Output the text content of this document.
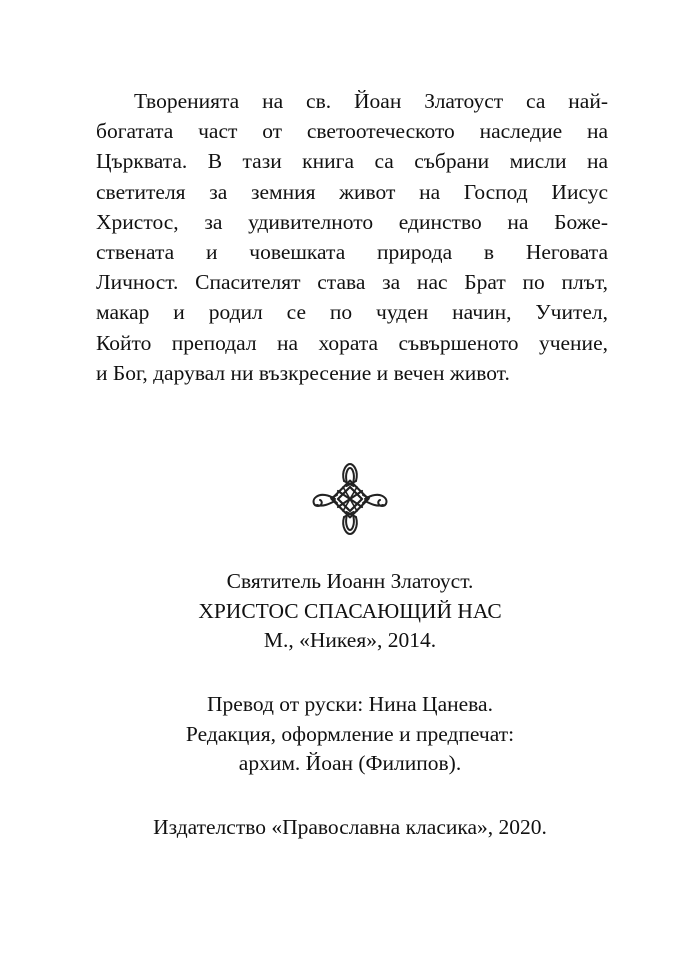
Творенията на св. Йоан Златоуст са най-
богатата част от светоотеческото наследие на
Църквата. В тази книга са събрани мисли на
светителя за земния живот на Господ Иисус
Христос, за удивителното единство на Боже-
ствената и човешката природа в Неговата
Личност. Спасителят става за нас Брат по плът,
макар и родил се по чуден начин, Учител,
Който преподал на хората съвършеното учение,
и Бог, дарувал ни възкресение и вечен живот.

Святитель Иоанн Златоуст.
ХРИСТОС СПАСАЮЩИЙ НАС
М., «Никея», 2014.
Превод от руски: Нина Цанева.
Редакция, оформление и предпечат:
архим. Йоан (Филипов).
Издателство «Православна класика», 2020.
